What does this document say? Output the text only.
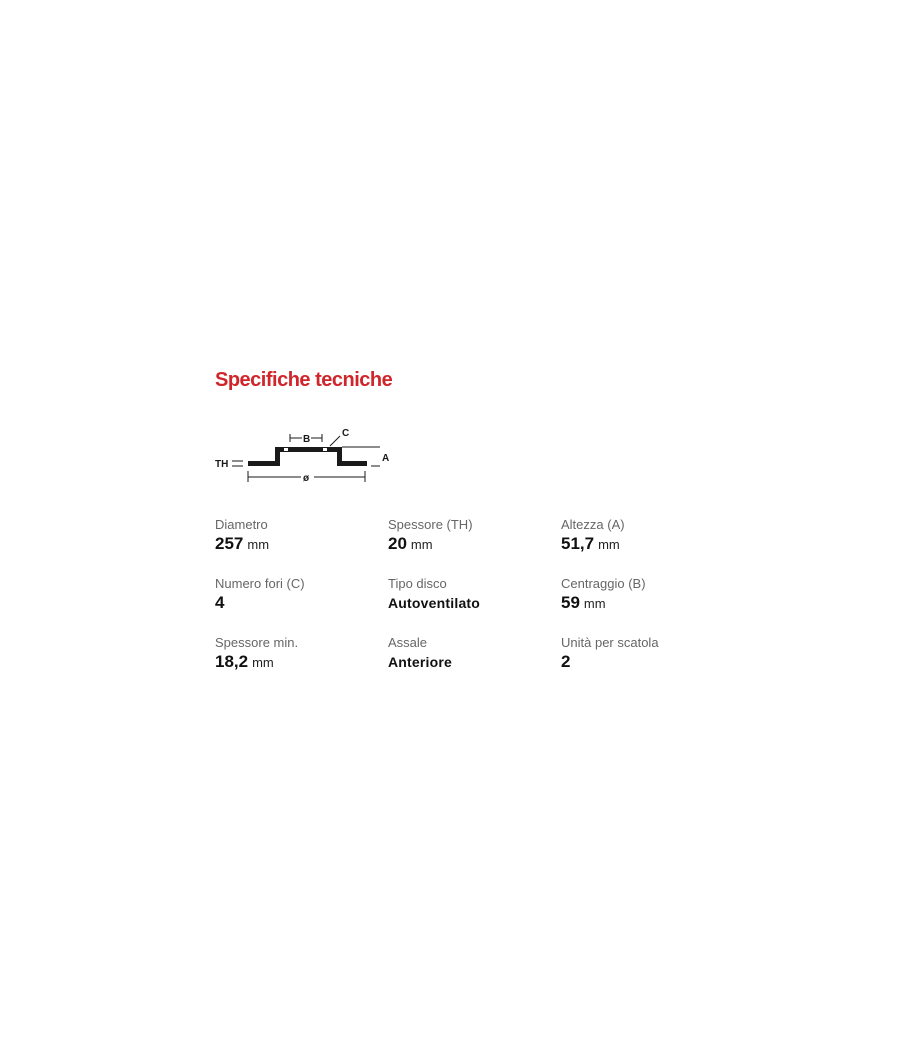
Specifiche tecniche
TH
B
C
A
ø
Diametro
257 mm
Spessore (TH)
20 mm
Altezza (A)
51,7 mm
Numero fori (C)
4
Tipo disco
Autoventilato
Centraggio (B)
59 mm
Spessore min.
18,2 mm
Assale
Anteriore
Unità per scatola
2
